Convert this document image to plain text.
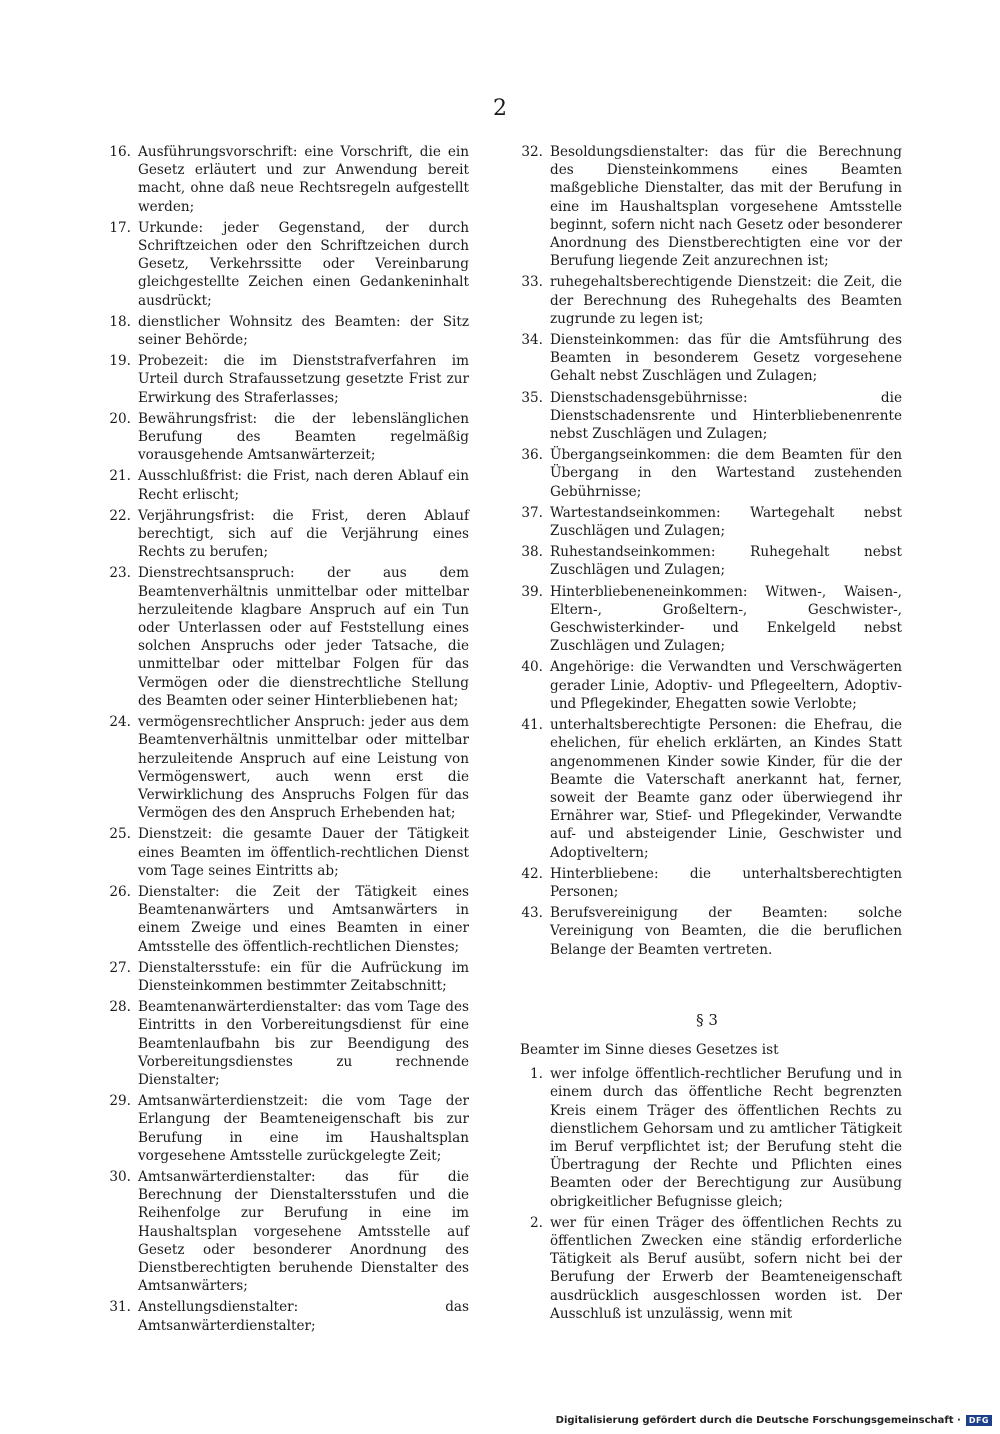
2
16. Ausführungsvorschrift: eine Vorschrift, die ein Gesetz erläutert und zur Anwendung bereit macht, ohne daß neue Rechtsregeln aufgestellt werden;
17. Urkunde: jeder Gegenstand, der durch Schriftzeichen oder den Schriftzeichen durch Gesetz, Verkehrssitte oder Vereinbarung gleichgestellte Zeichen einen Gedankeninhalt ausdrückt;
18. dienstlicher Wohnsitz des Beamten: der Sitz seiner Behörde;
19. Probezeit: die im Dienststrafverfahren im Urteil durch Strafaussetzung gesetzte Frist zur Erwirkung des Straferlasses;
20. Bewährungsfrist: die der lebenslänglichen Berufung des Beamten regelmäßig vorausgehende Amtsanwärterzeit;
21. Ausschlußfrist: die Frist, nach deren Ablauf ein Recht erlischt;
22. Verjährungsfrist: die Frist, deren Ablauf berechtigt, sich auf die Verjährung eines Rechts zu berufen;
23. Dienstrechtsanspruch: der aus dem Beamtenverhältnis unmittelbar oder mittelbar herzuleitende klagbare Anspruch auf ein Tun oder Unterlassen oder auf Feststellung eines solchen Anspruchs oder jeder Tatsache, die unmittelbar oder mittelbar Folgen für das Vermögen oder die dienstrechtliche Stellung des Beamten oder seiner Hinterbliebenen hat;
24. vermögensrechtlicher Anspruch: jeder aus dem Beamtenverhältnis unmittelbar oder mittelbar herzuleitende Anspruch auf eine Leistung von Vermögenswert, auch wenn erst die Verwirklichung des Anspruchs Folgen für das Vermögen des den Anspruch Erhebenden hat;
25. Dienstzeit: die gesamte Dauer der Tätigkeit eines Beamten im öffentlich-rechtlichen Dienst vom Tage seines Eintritts ab;
26. Dienstalter: die Zeit der Tätigkeit eines Beamtenanwärters und Amtsanwärters in einem Zweige und eines Beamten in einer Amtsstelle des öffentlich-rechtlichen Dienstes;
27. Dienstaltersstufe: ein für die Aufrückung im Diensteinkommen bestimmter Zeitabschnitt;
28. Beamtenanwärterdienstalter: das vom Tage des Eintritts in den Vorbereitungsdienst für eine Beamtenlaufbahn bis zur Beendigung des Vorbereitungsdienstes zu rechnende Dienstalter;
29. Amtsanwärterdienstzeit: die vom Tage der Erlangung der Beamteneigenschaft bis zur Berufung in eine im Haushaltsplan vorgesehene Amtsstelle zurückgelegte Zeit;
30. Amtsanwärterdienstalter: das für die Berechnung der Dienstaltersstufen und die Reihenfolge zur Berufung in eine im Haushaltsplan vorgesehene Amtsstelle auf Gesetz oder besonderer Anordnung des Dienstberechtigten beruhende Dienstalter des Amtsanwärters;
31. Anstellungsdienstalter: das Amtsanwärterdienstalter;
32. Besoldungsdienstalter: das für die Berechnung des Diensteinkommens eines Beamten maßgebliche Dienstalter, das mit der Berufung in eine im Haushaltsplan vorgesehene Amtsstelle beginnt, sofern nicht nach Gesetz oder besonderer Anordnung des Dienstberechtigten eine vor der Berufung liegende Zeit anzurechnen ist;
33. ruhegehaltsberechtigende Dienstzeit: die Zeit, die der Berechnung des Ruhegehalts des Beamten zugrunde zu legen ist;
34. Diensteinkommen: das für die Amtsführung des Beamten in besonderem Gesetz vorgesehene Gehalt nebst Zuschlägen und Zulagen;
35. Dienstschadensgebührnisse: die Dienstschadensrente und Hinterbliebenenrente nebst Zuschlägen und Zulagen;
36. Übergangseinkommen: die dem Beamten für den Übergang in den Wartestand zustehenden Gebührnisse;
37. Wartestandseinkommen: Wartegehalt nebst Zuschlägen und Zulagen;
38. Ruhestandseinkommen: Ruhegehalt nebst Zuschlägen und Zulagen;
39. Hinterbliebeneneinkommen: Witwen-, Waisen-, Eltern-, Großeltern-, Geschwister-, Geschwisterkinder- und Enkelgeld nebst Zuschlägen und Zulagen;
40. Angehörige: die Verwandten und Verschwägerten gerader Linie, Adoptiv- und Pflegeeltern, Adoptiv- und Pflegekinder, Ehegatten sowie Verlobte;
41. unterhaltsberechtigte Personen: die Ehefrau, die ehelichen, für ehelich erklärten, an Kindes Statt angenommenen Kinder sowie Kinder, für die der Beamte die Vaterschaft anerkannt hat, ferner, soweit der Beamte ganz oder überwiegend ihr Ernährer war, Stief- und Pflegekinder, Verwandte auf- und absteigender Linie, Geschwister und Adoptiveltern;
42. Hinterbliebene: die unterhaltsberechtigten Personen;
43. Berufsvereinigung der Beamten: solche Vereinigung von Beamten, die die beruflichen Belange der Beamten vertreten.
§ 3
Beamter im Sinne dieses Gesetzes ist
1. wer infolge öffentlich-rechtlicher Berufung und in einem durch das öffentliche Recht begrenzten Kreis einem Träger des öffentlichen Rechts zu dienstlichem Gehorsam und zu amtlicher Tätigkeit im Beruf verpflichtet ist; der Berufung steht die Übertragung der Rechte und Pflichten eines Beamten oder der Berechtigung zur Ausübung obrigkeitlicher Befugnisse gleich;
2. wer für einen Träger des öffentlichen Rechts zu öffentlichen Zwecken eine ständig erforderliche Tätigkeit als Beruf ausübt, sofern nicht bei der Berufung der Erwerb der Beamteneigenschaft ausdrücklich ausgeschlossen worden ist. Der Ausschluß ist unzulässig, wenn mit
Digitalisierung gefördert durch die Deutsche Forschungsgemeinschaft ·	DFG
